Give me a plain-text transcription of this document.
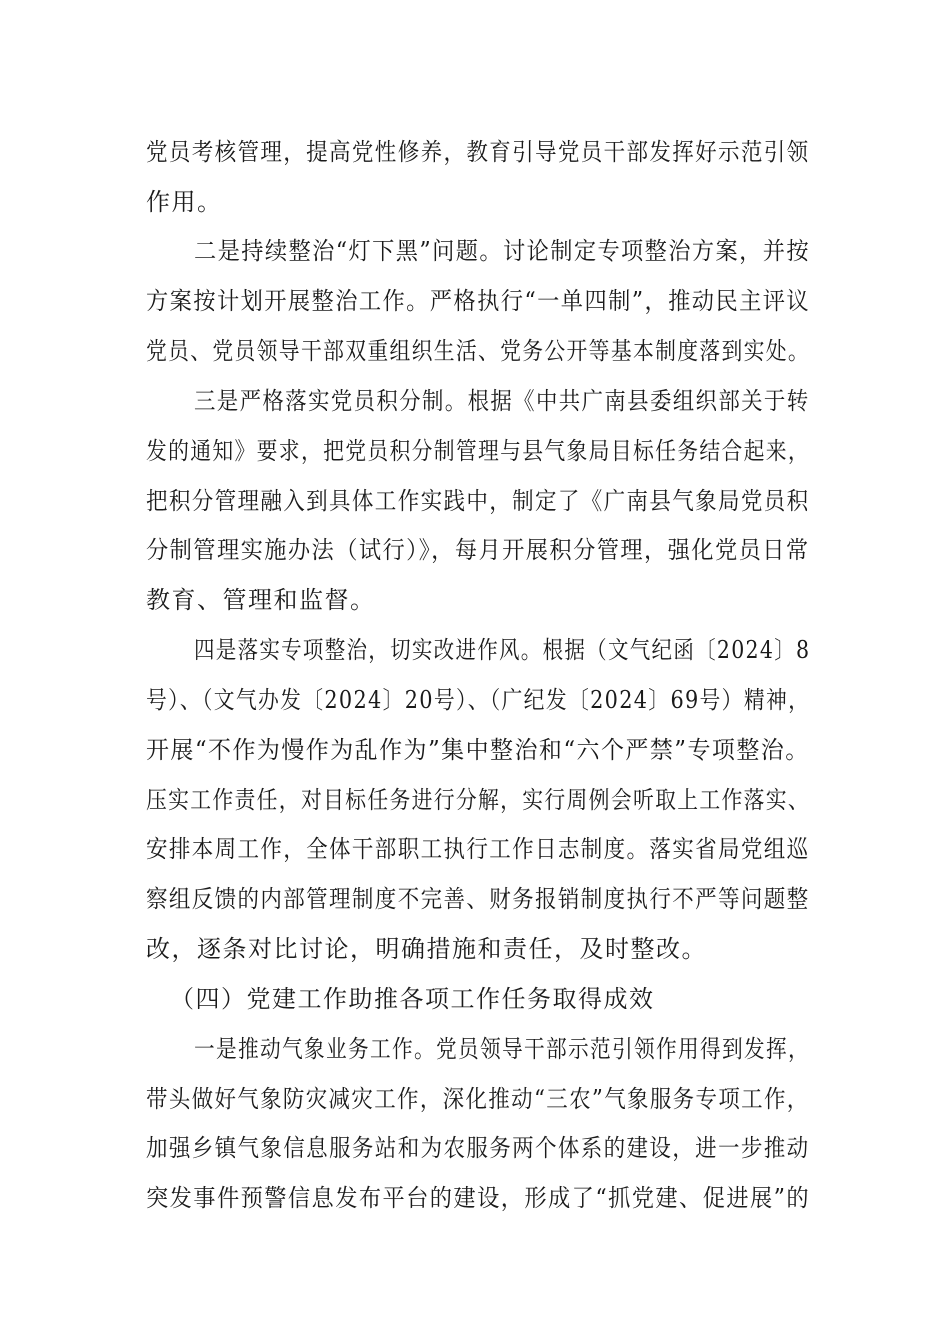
党员考核管理，提高党性修养，教育引导党员干部发挥好示范引领
作用。
二是持续整治“灯下黑”问题。讨论制定专项整治方案，并按
方案按计划开展整治工作。严格执行“一单四制”，推动民主评议
党员、党员领导干部双重组织生活、党务公开等基本制度落到实处。
三是严格落实党员积分制。根据《中共广南县委组织部关于转
发的通知》要求，把党员积分制管理与县气象局目标任务结合起来，
把积分管理融入到具体工作实践中，制定了《广南县气象局党员积
分制管理实施办法（试行）》，每月开展积分管理，强化党员日常
教育、管理和监督。
四是落实专项整治，切实改进作风。根据（文气纪函〔2024〕8
号）、（文气办发〔2024〕20号）、（广纪发〔2024〕69号）精神，
开展“不作为慢作为乱作为”集中整治和“六个严禁”专项整治。
压实工作责任，对目标任务进行分解，实行周例会听取上工作落实、
安排本周工作，全体干部职工执行工作日志制度。落实省局党组巡
察组反馈的内部管理制度不完善、财务报销制度执行不严等问题整
改，逐条对比讨论，明确措施和责任，及时整改。
（四）党建工作助推各项工作任务取得成效
一是推动气象业务工作。党员领导干部示范引领作用得到发挥，
带头做好气象防灾减灾工作，深化推动“三农”气象服务专项工作，
加强乡镇气象信息服务站和为农服务两个体系的建设，进一步推动
突发事件预警信息发布平台的建设，形成了“抓党建、促进展”的
